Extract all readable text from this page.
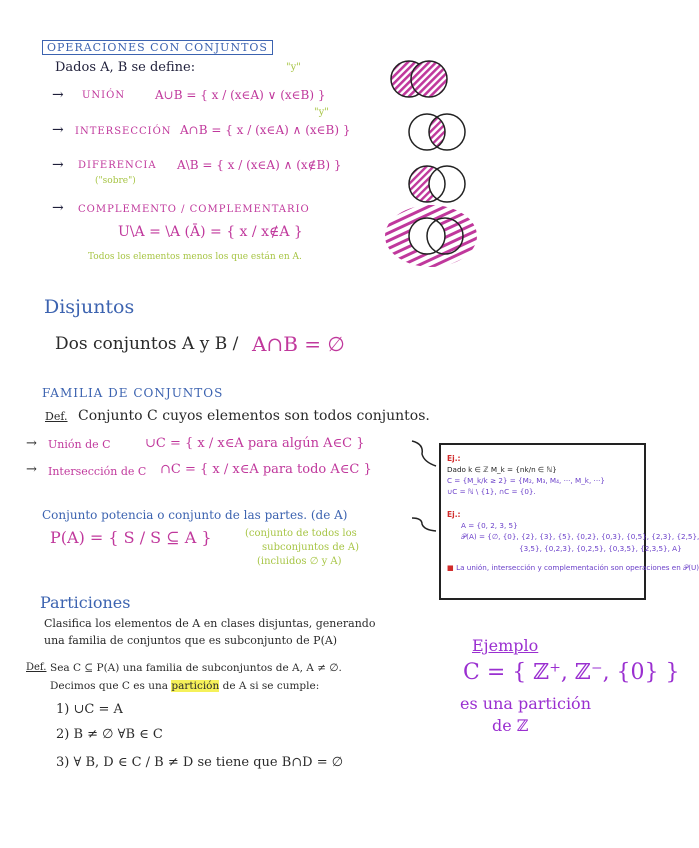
OPERACIONES CON CONJUNTOS
Dados A, B se define:	"y"
→ UNIÓN A∪B = { x / (x∈A) ∨ (x∈B) }
"y"
→ INTERSECCIÓN A∩B = { x / (x∈A) ∧ (x∈B) }
→ DIFERENCIA
("sobre")
A\B = { x / (x∈A) ∧ (x∉B) }
→ COMPLEMENTO / COMPLEMENTARIO
U\A = \A (Ā) = { x / x∉A }
Todos los elementos menos los que están en A.
Disjuntos
Dos conjuntos A y B / A∩B = ∅
FAMILIA DE CONJUNTOS
Def. Conjunto C cuyos elementos son todos conjuntos.
→ Unión de C	∪C = { x / x∈A para algún A∈C }
→ Intersección de C ∩C = { x / x∈A para todo A∈C }
Conjunto potencia o conjunto de las partes. (de A)
P(A) = { S / S ⊆ A }	(conjunto de todos los
subconjuntos de A)
(incluidos ∅ y A)
Ej.:
Dado k ∈ ℤ M_k = {nk/n ∈ ℕ}
C = {M_k/k ≥ 2} = {M₂, M₃, M₄, ···, M_k, ···}
∪C = ℕ \ {1}, ∩C = {0}.
Ej.:
A = {0, 2, 3, 5}
𝒫(A) = {∅, {0}, {2}, {3}, {5}, {0,2}, {0,3}, {0,5}, {2,3}, {2,5},
{3,5}, {0,2,3}, {0,2,5}, {0,3,5}, {2,3,5}, A}
■ La unión, intersección y complementación son operaciones en 𝒫(U)
Particiones
Clasifica los elementos de A en clases disjuntas, generando
una familia de conjuntos que es subconjunto de P(A)
Def. Sea C ⊆ P(A) una familia de subconjuntos de A, A ≠ ∅.
Decimos que C es una partición de A si se cumple:
1) ∪C = A
2) B ≠ ∅ ∀B ∈ C
3) ∀ B, D ∈ C / B ≠ D se tiene que B∩D = ∅
Ejemplo
C = { ℤ⁺, ℤ⁻, {0} }
es una partición
de ℤ
